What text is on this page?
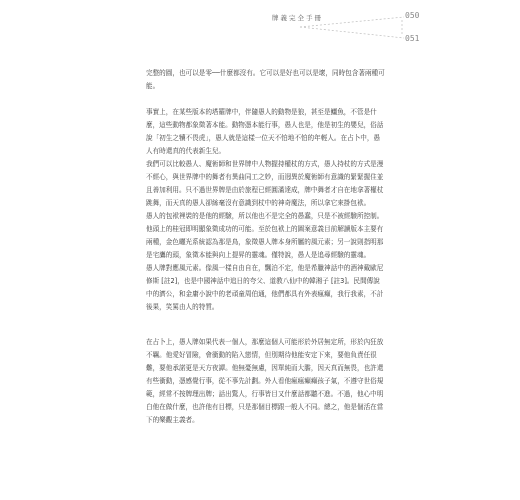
牌義完全手冊	050
051

完整的圓，也可以是零──什麼都沒有。它可以是好也可以是壞，同時包含著兩種可能。

事實上，在某些版本的塔羅牌中，伴隨愚人的動物是狼，甚至是鱷魚，不管是什麼，這些動物都象徵著本能。動物憑本能行事，愚人也是，他是初生的嬰兒，俗話說「初生之犢不畏虎」，愚人就是這樣一位天不怕地不怕的年輕人。在占卜中，愚人有時還真的代表新生兒。

我們可以比較愚人、魔術師和世界牌中人物握持權杖的方式，愚人持杖的方式是漫不經心，與世界牌中的舞者有異曲同工之妙，而迥異於魔術師有意識的緊緊握住並且善加利用。只不過世界牌是由於旅程已經圓滿達成，牌中舞者才自在地拿著權杖跳舞，而天真的愚人卻絲毫沒有意識到杖中的神奇魔法，所以拿它來掛包袱。

愚人的包袱裡裝的是他的經驗，所以他也不是完全的愚蠢，只是不被經驗所控制。他頭上的桂冠即明顯象徵成功的可能。至於包袱上的圖案意義目前解讀版本主要有兩種，金色曬光系統認為那是鳥，象徵愚人牌本身所屬的風元素；另一說則指明那是宅鷹的頭，象徵本能與向上提昇的靈魂。僅特說，愚人是追尋經驗的靈魂。

愚人牌對應風元素。像風一樣自由自在，飄泊不定，他是希臘神話中的酒神戴歐尼修斯 [註2]，也是中國神話中追日的夸父、道教八仙中的韓湘子 [註3]。民間傳說中的濟公，和金庸小說中的老頑童周伯通，他們都具有外表瘋癲，我行我素，不計後果，笑罵由人的特質。

在占卜上，愚人牌如果代表一個人，那麼這個人可能形於外居無定所，形於內狂放不羈。他愛好冒險，會衝動的陷入戀情，但別期待他能安定下來，要他負責任很難，要他承諾更是天方夜譚。他無憂無慮，因單純而大膽，因天真而無畏，也許還有些衝動，憑感覺行事，從不事先計劃。外人看他瘋瘋癲癲孩子氣，不遵守世俗規範，經常不按牌理出牌；話出驚人，行事皆目又什麼話都聽不進。不過，他心中明白他在做什麼，也許他有目標，只是那個目標跟一般人不同。總之，他是個活在當下的樂觀主義者。
